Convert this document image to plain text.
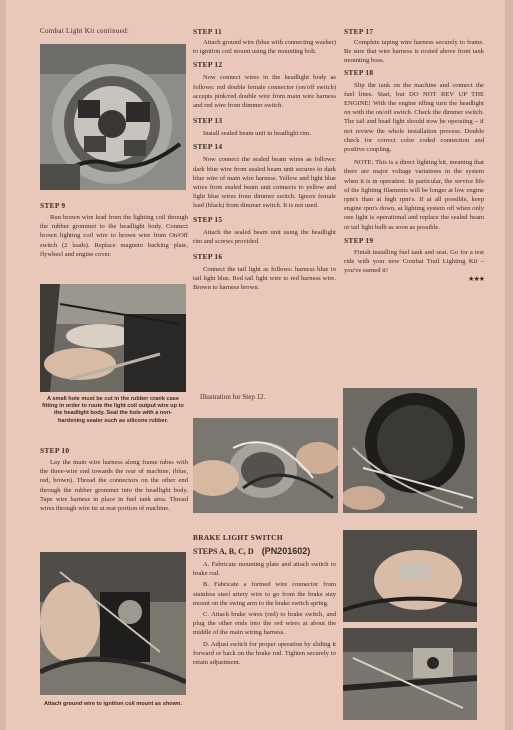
Combat Light Kit continued:

STEP 9

Run brown wire lead from the lighting coil through the rubber grommet to the headlight body. Connect brown lighting coil wire to brown wire from On/Off switch (2 leads). Replace magneto backing plate, flywheel and engine cover.

A small hole must be cut in the rubber crank case fitting in order to route the light coil output wire up to the headlight body. Seal the hole with a non-hardening sealer such as silicone rubber.

STEP 10

Lay the main wire harness along frame tubes with the three-wire end towards the rear of machine, (blue, red, brown). Thread the connectors on the other end through the rubber grommet into the headlight body. Tape wire harness in place in fuel tank area. Thread wires through wire tie at rear portion of machine.

Attach ground wire to ignition coil mount as shown.

STEP 11

Attach ground wire (blue with connecting washer) to ignition coil mount using the mounting bolt.

STEP 12

Now connect wires in the headlight body as follows: red double female connector (on/off switch) accepts pink/red double wire from main wire harness and red wire from dimmer switch.

STEP 13

Install sealed beam unit in headlight rim.

STEP 14

Now connect the sealed beam wires as follows: dark blue wire from sealed beam unit secures to dark blue wire of main wire harness. Yellow and light blue wires from sealed beam unit connects to yellow and light blue wires from dimmer switch. Ignore female lead (black) from dimmer switch. It is not used.

STEP 15

Attach the sealed beam unit using the headlight rim and screws provided.

STEP 16

Connect the tail light as follows: harness blue to tail light blue. Red tail light wire to red harness wire. Brown to harness brown.

Illustration for Step 12.

BRAKE LIGHT SWITCH

STEPS A, B, C, D (PN201602)

A. Fabricate mounting plate and attach switch to brake rod.

B. Fabricate a formed wire connector from stainless steel artery wire to go from the brake stay mount on the swing arm to the brake switch spring.

C. Attach brake wires (red) to brake switch, and plug the other ends into the red wires at about the middle of the main wiring harness.

D. Adjust switch for proper operation by sliding it forward or back on the brake rod. Tighten securely to retain adjustment.

STEP 17

Complete taping wire harness securely to frame. Be sure that wire harness is routed above front tank mounting boss.

STEP 18

Slip the tank on the machine and connect the fuel lines. Start, but DO NOT REV UP THE ENGINE! With the engine idling turn the headlight on with the on/off switch. Check the dimmer switch. The tail and head light should now be operating – if not review the whole installation process. Double check for correct color coded connection and positive coupling.

NOTE: This is a direct lighting kit, meaning that there are major voltage variations in the system when it is in operation. In particular, the service life of the lighting filaments will be longer at low engine rpm's than at high rpm's. If at all possible, keep engine rpm's down, at lighting system off when only one light is operational and replace the sealed beam or tail light bulb as soon as possible.

STEP 19

Finish installing fuel tank and seat. Go for a test ride with your new Combat Trail Lighting Kit – you've earned it!

★★★
